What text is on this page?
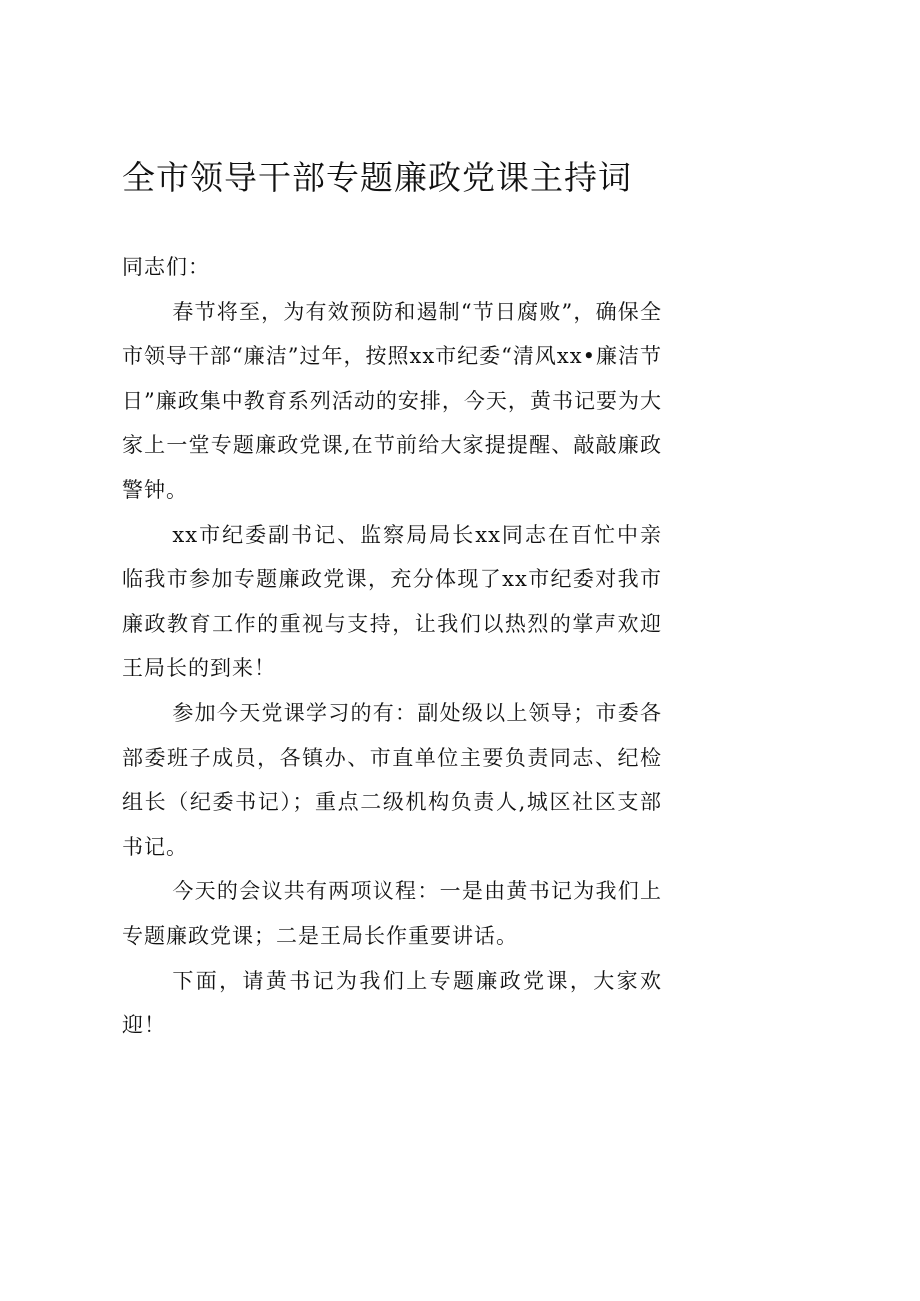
全市领导干部专题廉政党课主持词

同志们：

春节将至，为有效预防和遏制“节日腐败”，确保全市领导干部“廉洁”过年，按照xx市纪委“清风xx•廉洁节日”廉政集中教育系列活动的安排，今天，黄书记要为大家上一堂专题廉政党课,在节前给大家提提醒、敲敲廉政警钟。

xx市纪委副书记、监察局局长xx同志在百忙中亲临我市参加专题廉政党课，充分体现了xx市纪委对我市廉政教育工作的重视与支持，让我们以热烈的掌声欢迎王局长的到来！

参加今天党课学习的有：副处级以上领导；市委各部委班子成员，各镇办、市直单位主要负责同志、纪检组长（纪委书记）；重点二级机构负责人,城区社区支部书记。

今天的会议共有两项议程：一是由黄书记为我们上专题廉政党课；二是王局长作重要讲话。

下面，请黄书记为我们上专题廉政党课，大家欢迎！
